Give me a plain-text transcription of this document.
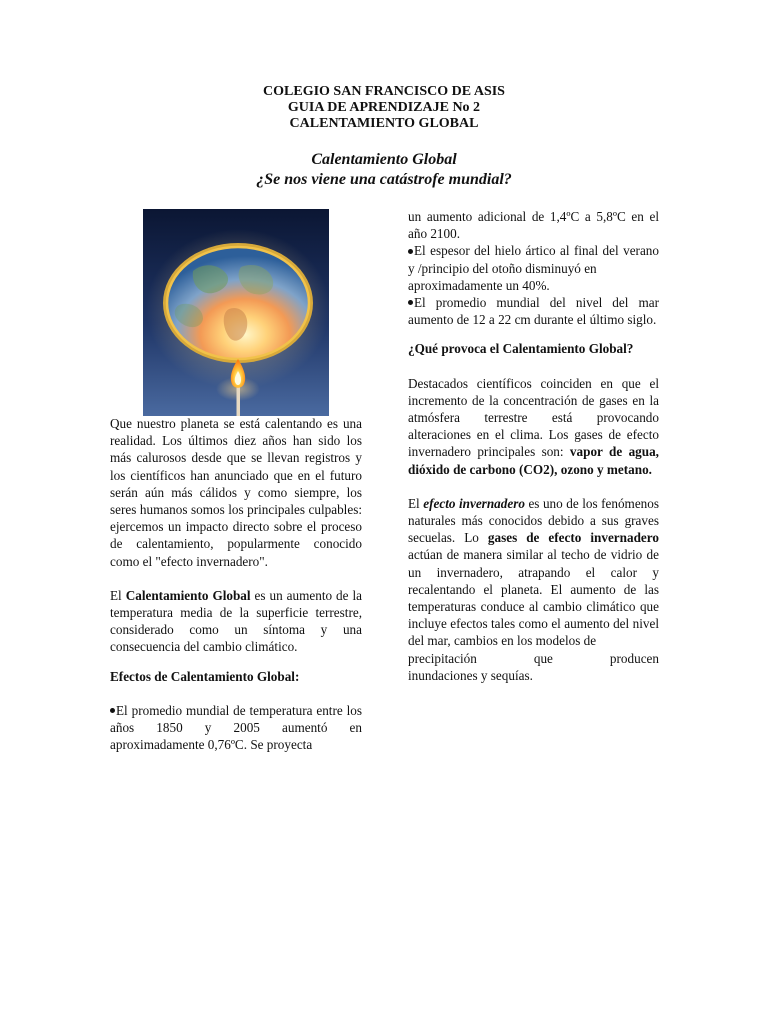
COLEGIO SAN FRANCISCO DE ASIS
GUIA DE APRENDIZAJE No 2
CALENTAMIENTO GLOBAL
Calentamiento Global
¿Se nos viene una catástrofe mundial?

Que nuestro planeta se está calentando es una realidad. Los últimos diez años han sido los más calurosos desde que se llevan registros y los científicos han anunciado que en el futuro serán aún más cálidos y como siempre, los seres humanos somos los principales culpables: ejercemos un impacto directo sobre el proceso de calentamiento, popularmente conocido como el "efecto invernadero".

El Calentamiento Global es un aumento de la temperatura media de la superficie terrestre, considerado como un síntoma y una consecuencia del cambio climático.

Efectos de Calentamiento Global:

El promedio mundial de temperatura entre los años 1850 y 2005 aumentó en aproximadamente 0,76ºC. Se proyecta

un aumento adicional de 1,4ºC a 5,8ºC en el año 2100.

El espesor del hielo ártico al final del verano y /principio del otoño disminuyó en

aproximadamente un 40%.

El promedio mundial del nivel del mar aumento de 12 a 22 cm durante el último siglo.

¿Qué provoca el Calentamiento Global?

Destacados científicos coinciden en que el incremento de la concentración de gases en la atmósfera terrestre está provocando alteraciones en el clima. Los gases de efecto invernadero principales son: vapor de agua, dióxido de carbono (CO2), ozono y metano.

El efecto invernadero es uno de los fenómenos naturales más conocidos debido a sus graves secuelas. Lo gases de efecto invernadero actúan de manera similar al techo de vidrio de un invernadero, atrapando el calor y recalentando el planeta. El aumento de las temperaturas conduce al cambio climático que incluye efectos tales como el aumento del nivel del mar, cambios en los modelos de

precipitación que producen

inundaciones y sequías.
